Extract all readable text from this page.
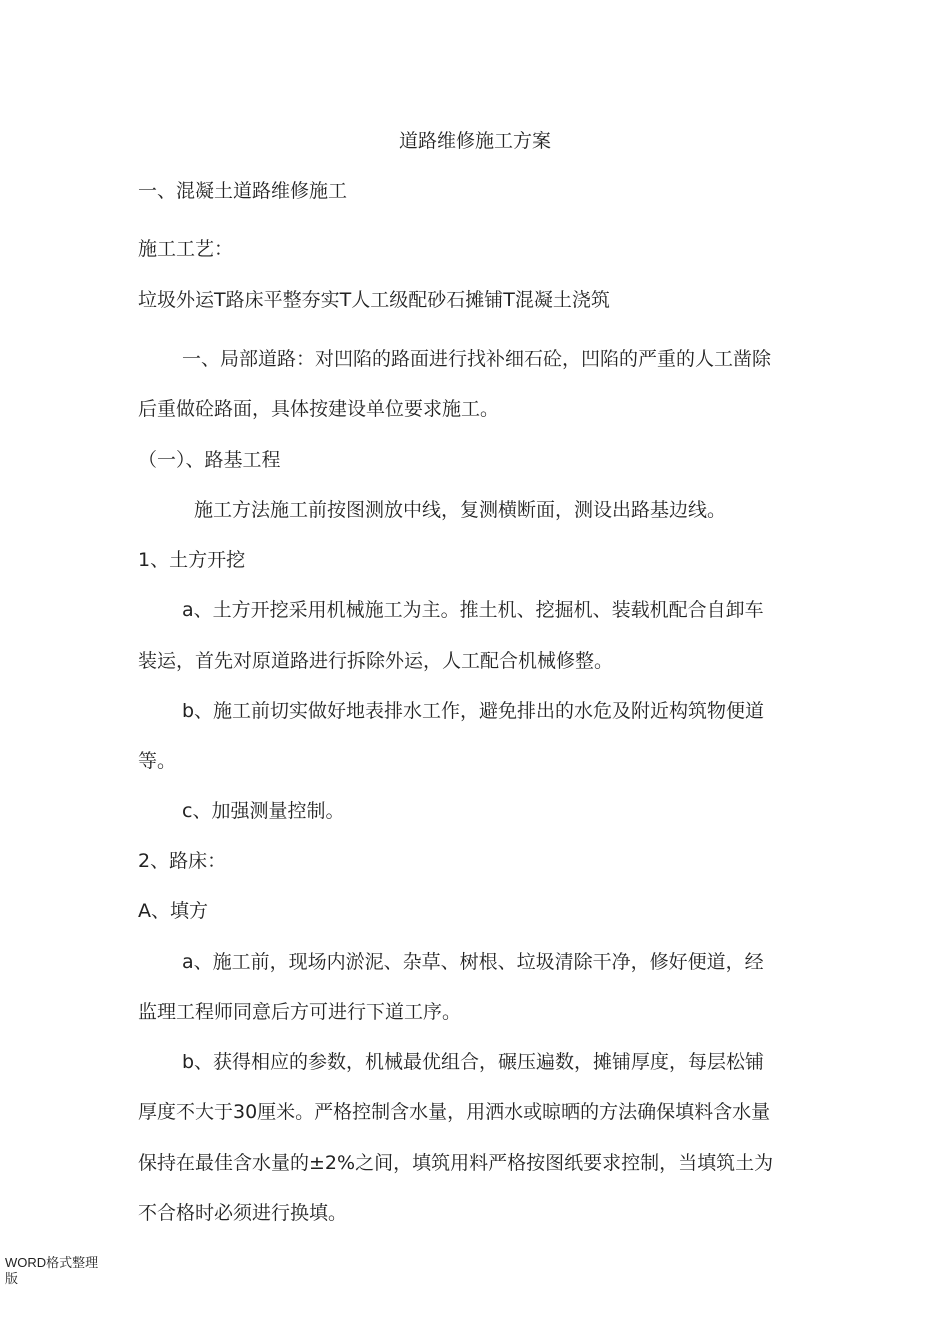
道路维修施工方案

一、混凝土道路维修施工

施工工艺：

垃圾外运T路床平整夯实T人工级配砂石摊铺T混凝土浇筑

一、局部道路：对凹陷的路面进行找补细石砼，凹陷的严重的人工凿除

后重做砼路面，具体按建设单位要求施工。

（一）、路基工程

施工方法施工前按图测放中线，复测横断面，测设出路基边线。

1、土方开挖

a、土方开挖采用机械施工为主。推土机、挖掘机、装载机配合自卸车

装运，首先对原道路进行拆除外运，人工配合机械修整。

b、施工前切实做好地表排水工作，避免排出的水危及附近构筑物便道

等。

c、加强测量控制。

2、路床：

A、填方

a、施工前，现场内淤泥、杂草、树根、垃圾清除干净，修好便道，经

监理工程师同意后方可进行下道工序。

b、获得相应的参数，机械最优组合，碾压遍数，摊铺厚度，每层松铺

厚度不大于30厘米。严格控制含水量，用洒水或晾晒的方法确保填料含水量

保持在最佳含水量的±2%之间，填筑用料严格按图纸要求控制，当填筑土为

不合格时必须进行换填。

WORD格式整理
版
